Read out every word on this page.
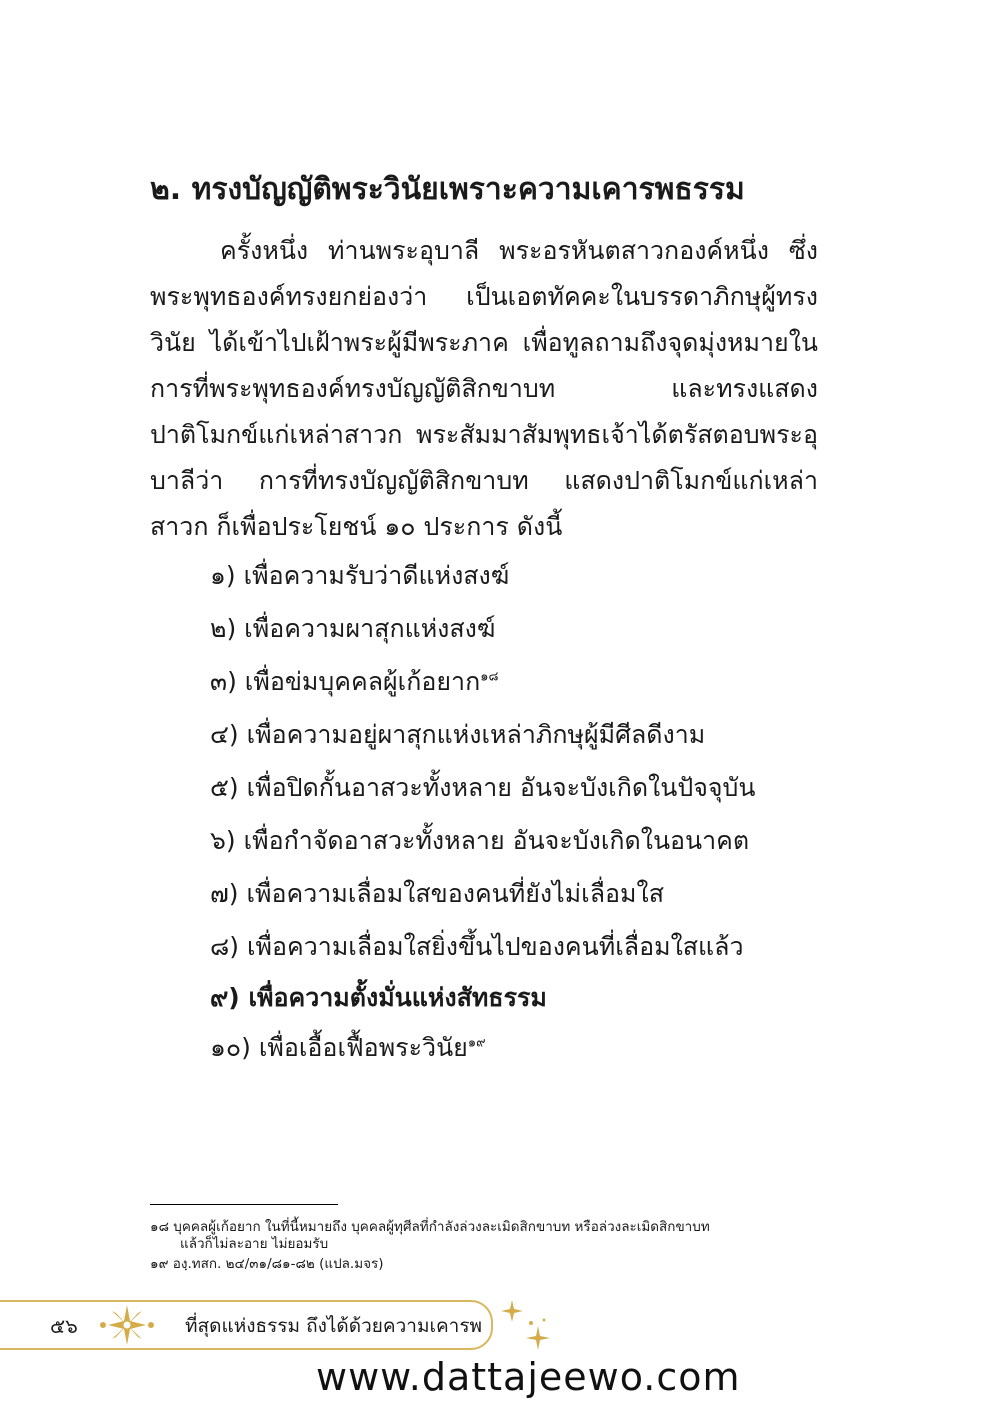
๒. ทรงบัญญัติพระวินัยเพราะความเคารพธรรม
ครั้งหนึ่ง ท่านพระอุบาลี พระอรหันตสาวกองค์หนึ่ง ซึ่งพระพุทธองค์ทรงยกย่องว่า เป็นเอตทัคคะในบรรดาภิกษุผู้ทรงวินัย ได้เข้าไปเฝ้าพระผู้มีพระภาค เพื่อทูลถามถึงจุดมุ่งหมายในการที่พระพุทธองค์ทรงบัญญัติสิกขาบท และทรงแสดงปาติโมกข์แก่เหล่าสาวก พระสัมมาสัมพุทธเจ้าได้ตรัสตอบพระอุบาลีว่า การที่ทรงบัญญัติสิกขาบท แสดงปาติโมกข์แก่เหล่าสาวก ก็เพื่อประโยชน์ ๑๐ ประการ ดังนี้
๑) เพื่อความรับว่าดีแห่งสงฆ์
๒) เพื่อความผาสุกแห่งสงฆ์
๓) เพื่อข่มบุคคลผู้เก้อยาก$^{๑๘}$
๔) เพื่อความอยู่ผาสุกแห่งเหล่าภิกษุผู้มีศีลดีงาม
๕) เพื่อปิดกั้นอาสวะทั้งหลาย อันจะบังเกิดในปัจจุบัน
๖) เพื่อกำจัดอาสวะทั้งหลาย อันจะบังเกิดในอนาคต
๗) เพื่อความเลื่อมใสของคนที่ยังไม่เลื่อมใส
๘) เพื่อความเลื่อมใสยิ่งขึ้นไปของคนที่เลื่อมใสแล้ว
๙) เพื่อความตั้งมั่นแห่งสัทธรรม
๑๐) เพื่อเอื้อเฟื้อพระวินัย$^{๑๙}$
๑๘ บุคคลผู้เก้อยาก ในที่นี้หมายถึง บุคคลผู้ทุศีลที่กำลังล่วงละเมิดสิกขาบท หรือล่วงละเมิดสิกขาบท
แล้วก็ไม่ละอาย ไม่ยอมรับ
๑๙ องฺ.ทสก. ๒๔/๓๑/๘๑-๘๒ (แปล.มจร)
๕๖	ที่สุดแห่งธรรม ถึงได้ด้วยความเคารพ
www.dattajeewo.com
